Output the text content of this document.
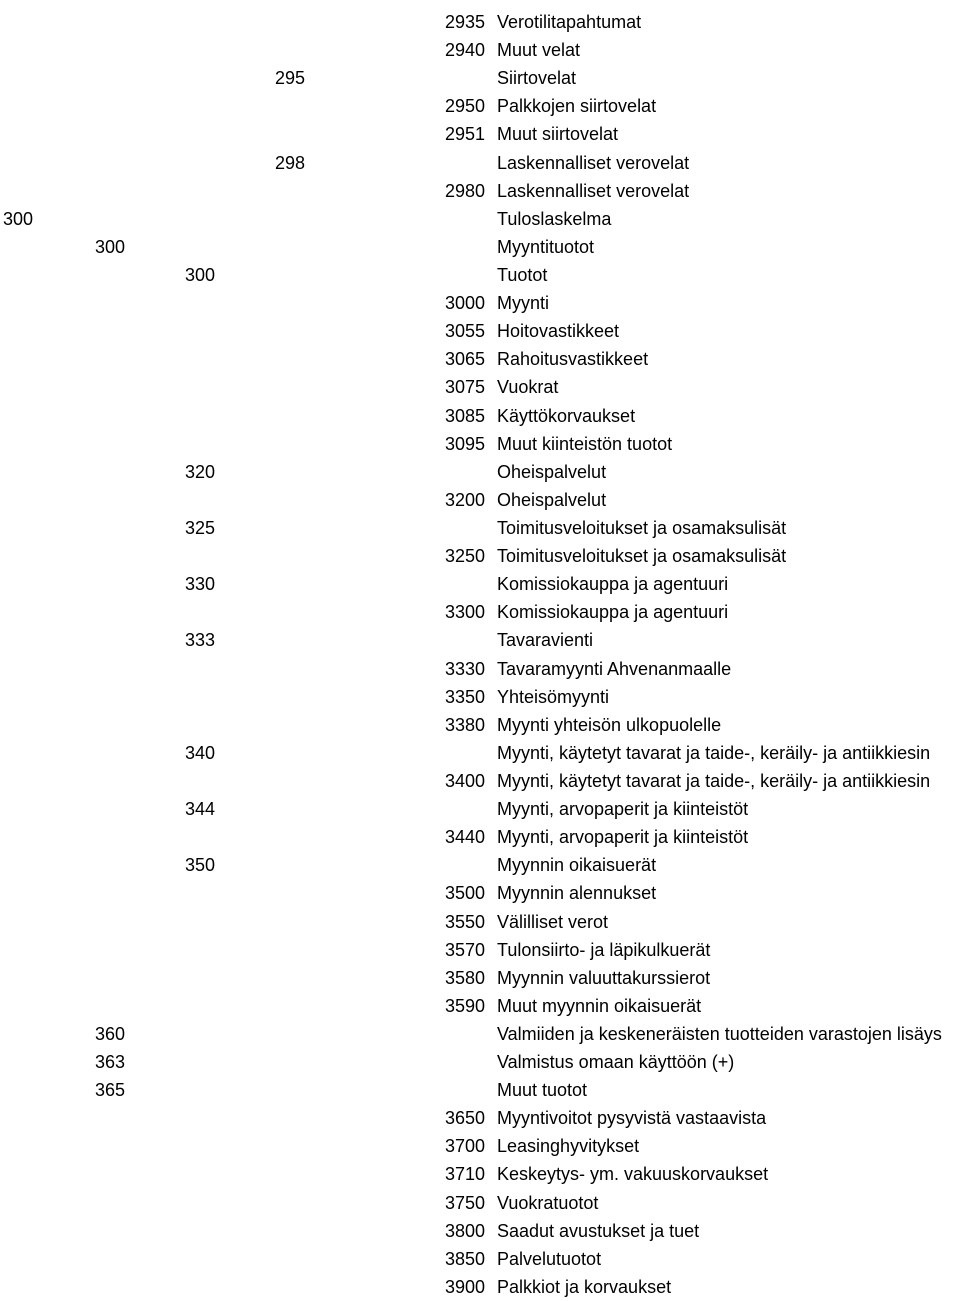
2935 Verotilitapahtumat
2940 Muut velat
295	Siirtovelat
2950 Palkkojen siirtovelat
2951 Muut siirtovelat
298	Laskennalliset verovelat
2980 Laskennalliset verovelat
300	Tuloslaskelma
300	Myyntituotot
300	Tuotot
3000 Myynti
3055 Hoitovastikkeet
3065 Rahoitusvastikkeet
3075 Vuokrat
3085 Käyttökorvaukset
3095 Muut kiinteistön tuotot
320	Oheispalvelut
3200 Oheispalvelut
325	Toimitusveloitukset ja osamaksulisät
3250 Toimitusveloitukset ja osamaksulisät
330	Komissiokauppa ja agentuuri
3300 Komissiokauppa ja agentuuri
333	Tavaravienti
3330 Tavaramyynti Ahvenanmaalle
3350 Yhteisömyynti
3380 Myynti yhteisön ulkopuolelle
340	Myynti, käytetyt tavarat ja taide-, keräily- ja antiikkiesin
3400 Myynti, käytetyt tavarat ja taide-, keräily- ja antiikkiesin
344	Myynti, arvopaperit ja kiinteistöt
3440 Myynti, arvopaperit ja kiinteistöt
350	Myynnin oikaisuerät
3500 Myynnin alennukset
3550 Välilliset verot
3570 Tulonsiirto- ja läpikulkuerät
3580 Myynnin valuuttakurssierot
3590 Muut myynnin oikaisuerät
360	Valmiiden ja keskeneräisten tuotteiden varastojen lisäys
363	Valmistus omaan käyttöön (+)
365	Muut tuotot
3650 Myyntivoitot pysyvistä vastaavista
3700 Leasinghyvitykset
3710 Keskeytys- ym. vakuuskorvaukset
3750 Vuokratuotot
3800 Saadut avustukset ja tuet
3850 Palvelutuotot
3900 Palkkiot ja korvaukset
